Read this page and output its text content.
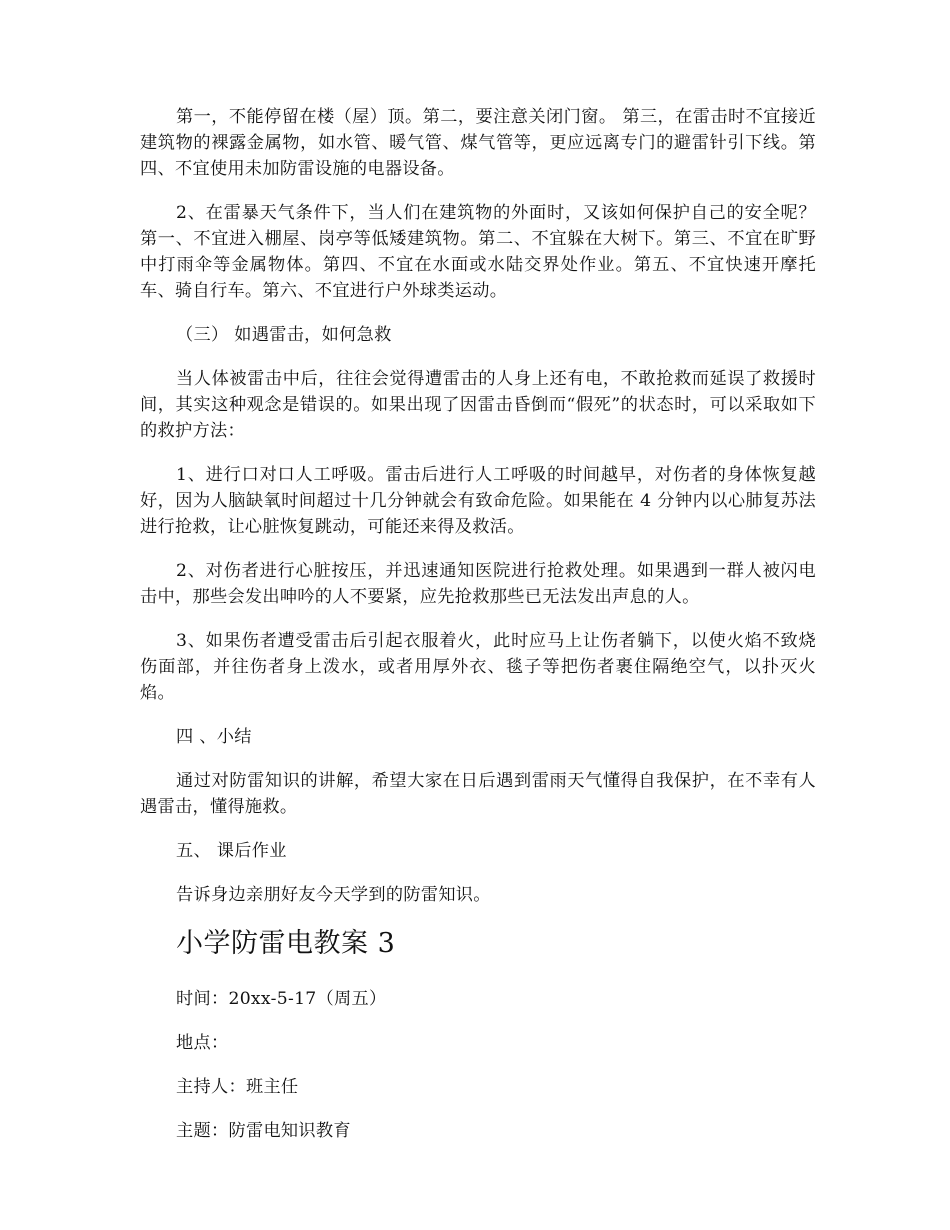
第一，不能停留在楼（屋）顶。第二，要注意关闭门窗。 第三，在雷击时不宜接近建筑物的裸露金属物，如水管、暖气管、煤气管等，更应远离专门的避雷针引下线。第四、不宜使用未加防雷设施的电器设备。

2、在雷暴天气条件下，当人们在建筑物的外面时，又该如何保护自己的安全呢？第一、不宜进入棚屋、岗亭等低矮建筑物。第二、不宜躲在大树下。第三、不宜在旷野中打雨伞等金属物体。第四、不宜在水面或水陆交界处作业。第五、不宜快速开摩托车、骑自行车。第六、不宜进行户外球类运动。

（三） 如遇雷击，如何急救

当人体被雷击中后，往往会觉得遭雷击的人身上还有电，不敢抢救而延误了救援时间，其实这种观念是错误的。如果出现了因雷击昏倒而“假死”的状态时，可以采取如下的救护方法：

1、进行口对口人工呼吸。雷击后进行人工呼吸的时间越早，对伤者的身体恢复越好，因为人脑缺氧时间超过十几分钟就会有致命危险。如果能在 4 分钟内以心肺复苏法进行抢救，让心脏恢复跳动，可能还来得及救活。

2、对伤者进行心脏按压，并迅速通知医院进行抢救处理。如果遇到一群人被闪电击中，那些会发出呻吟的人不要紧，应先抢救那些已无法发出声息的人。

3、如果伤者遭受雷击后引起衣服着火，此时应马上让伤者躺下，以使火焰不致烧伤面部，并往伤者身上泼水，或者用厚外衣、毯子等把伤者裹住隔绝空气，以扑灭火焰。

四 、小结

通过对防雷知识的讲解，希望大家在日后遇到雷雨天气懂得自我保护，在不幸有人遇雷击，懂得施救。

五、 课后作业

告诉身边亲朋好友今天学到的防雷知识。

小学防雷电教案 3

时间：20xx-5-17（周五）

地点：

主持人：班主任

主题：防雷电知识教育
